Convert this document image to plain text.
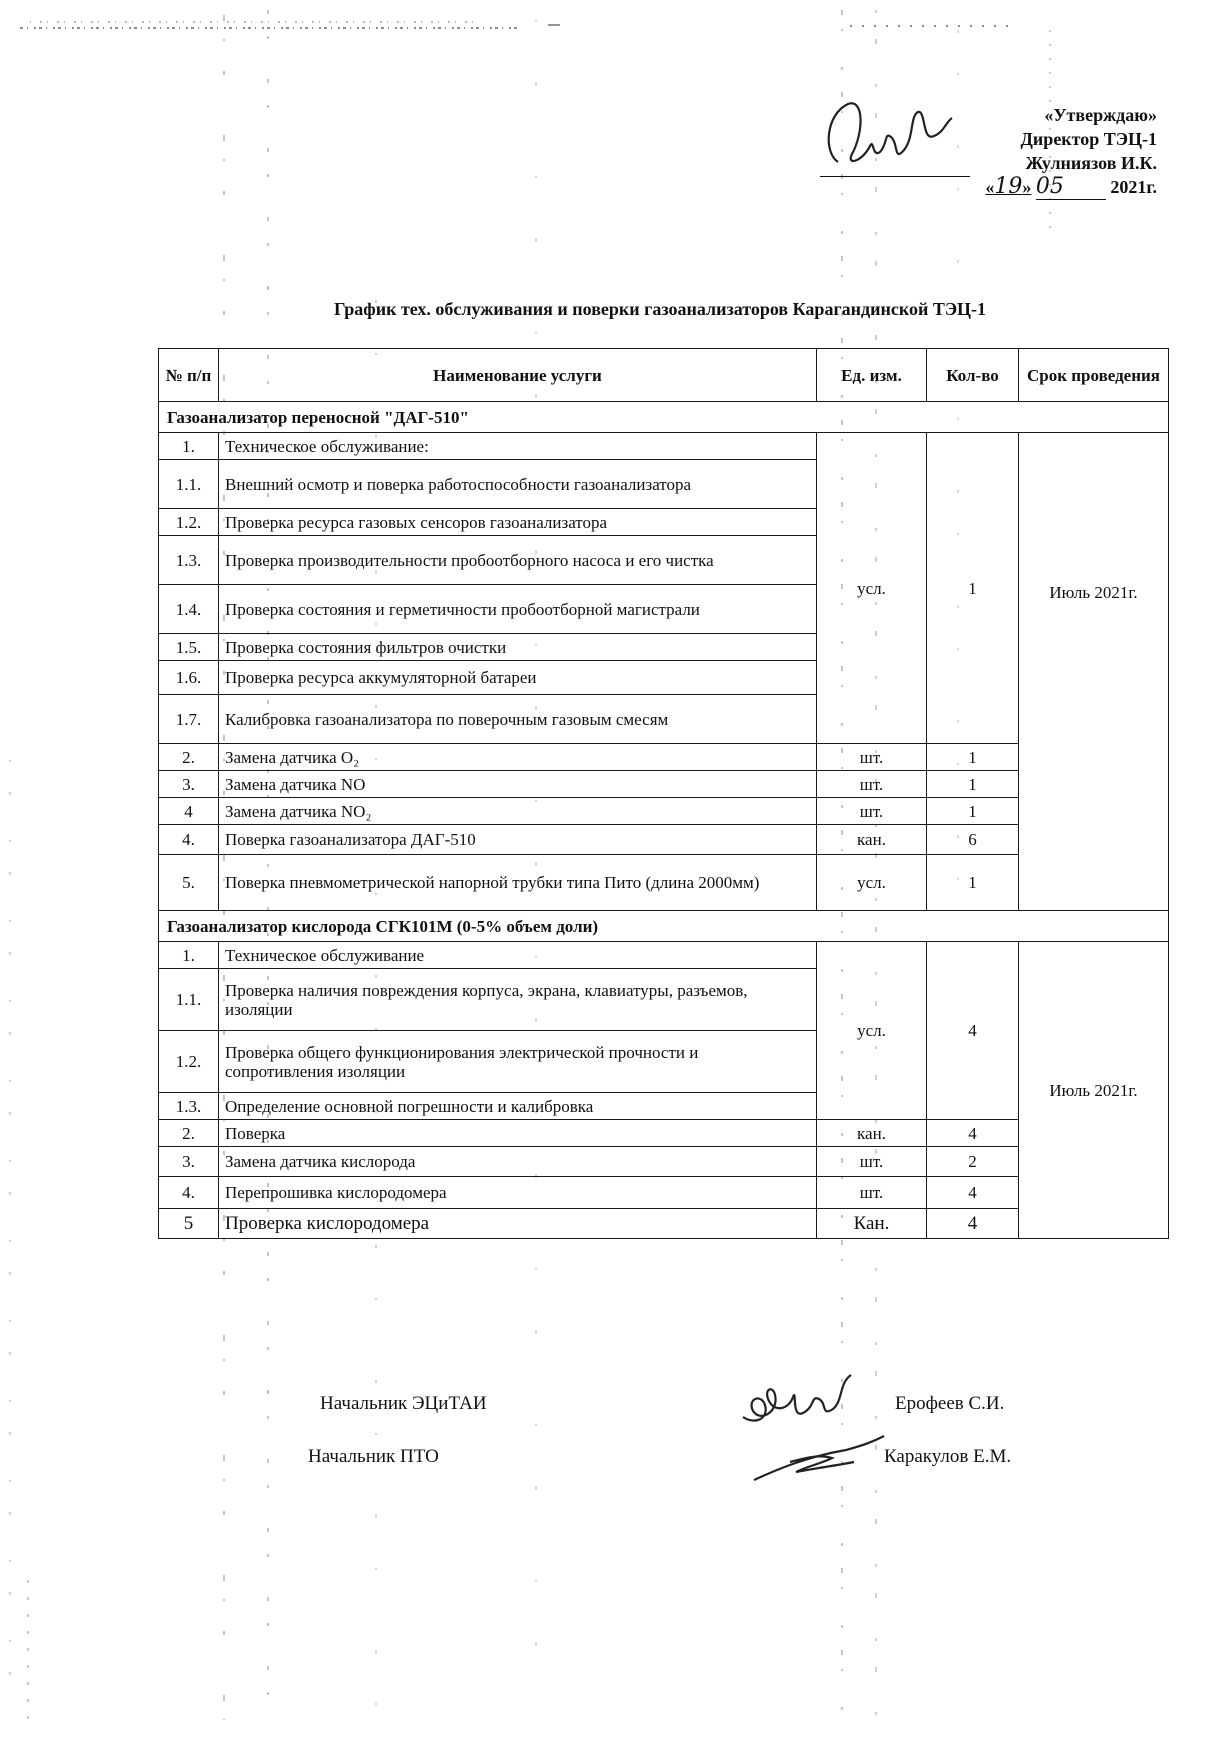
«Утверждаю»
Директор ТЭЦ-1
Жулниязов И.К.
«19» 05	2021г.
График тех. обслуживания и поверки газоанализаторов Карагандинской ТЭЦ-1
№ п/п	Наименование услуги	Ед. изм.	Кол-во	Срок проведения
Газоанализатор переносной "ДАГ-510"				
1.	Техническое обслуживание:	усл.	1	Июль 2021г.
1.1.	Внешний осмотр и поверка работоспособности газоанализатора			
1.2.	Проверка ресурса газовых сенсоров газоанализатора			
1.3.	Проверка производительности пробоотборного насоса и его чистка			
1.4.	Проверка состояния и герметичности пробоотборной магистрали			
1.5.	Проверка состояния фильтров очистки			
1.6.	Проверка ресурса аккумуляторной батареи			
1.7.	Калибровка газоанализатора по поверочным газовым смесям			
2.	Замена датчика O₂	шт.	1	
3.	Замена датчика NO	шт.	1	
4	Замена датчика NO₂	шт.	1	
4.	Поверка газоанализатора ДАГ-510	кан.	6	
5.	Поверка пневмометрической напорной трубки типа Пито (длина 2000мм)	усл.	1	
Газоанализатор кислорода СГК101М (0-5% объем доли)				
1.	Техническое обслуживание	усл.	4	Июль 2021г.
1.1.	Проверка наличия повреждения корпуса, экрана, клавиатуры, разъемов, изоляции			
1.2.	Проверка общего функционирования электрической прочности и сопротивления изоляции			
1.3.	Определение основной погрешности и калибровка			
2.	Поверка	кан.	4	
3.	Замена датчика кислорода	шт.	2	
4.	Перепрошивка кислородомера	шт.	4	
5	Проверка кислородомера	Кан.	4	
Начальник ЭЦиТАИ	Ерофеев С.И.
Начальник ПТО	Каракулов Е.М.
